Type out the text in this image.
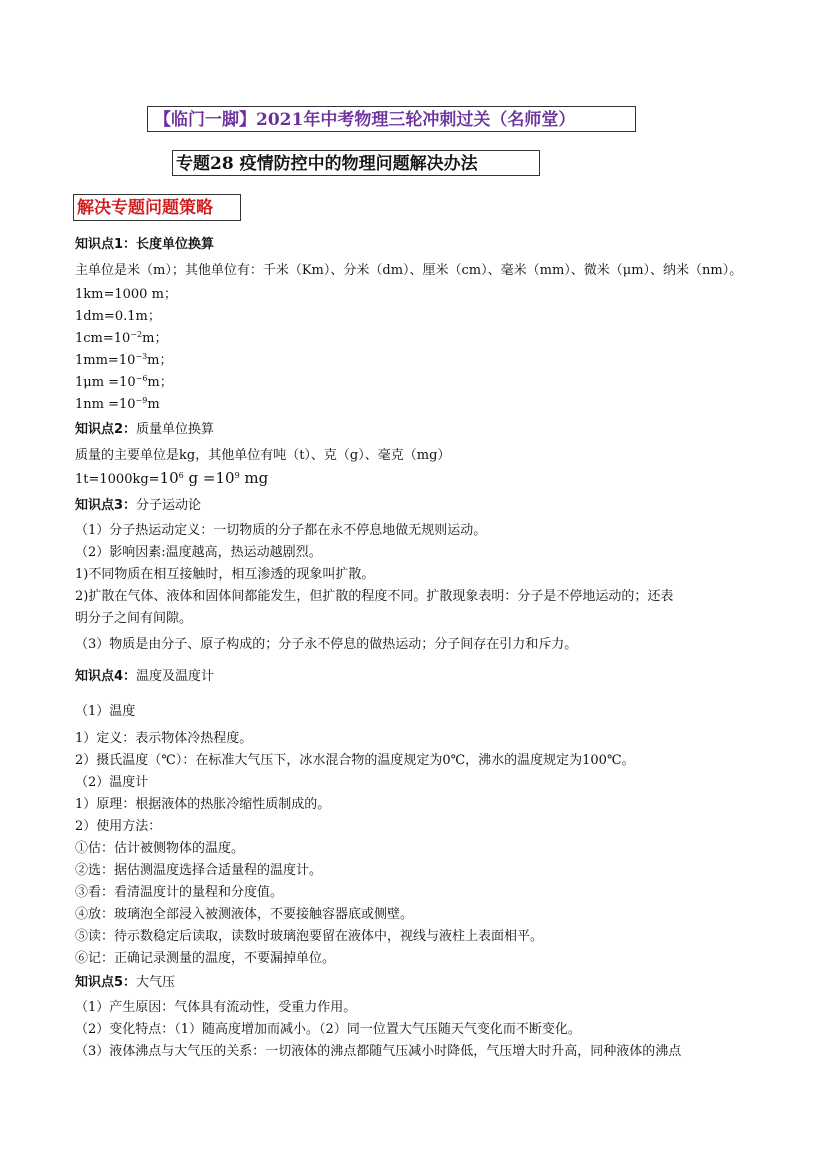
【临门一脚】2021年中考物理三轮冲刺过关（名师堂）
专题28 疫情防控中的物理问题解决办法
解决专题问题策略
知识点1：长度单位换算
主单位是米（m）；其他单位有：千米（Km）、分米（dm）、厘米（cm）、毫米（mm）、微米（μm）、纳米（nm）。
1km=1000 m；
1dm=0.1m；
$1cm=10^{-2}m$；
$1mm=10^{-3}m$；
$1\mu m =10^{-6}m$；
$1nm =10^{-9}m$
知识点2：质量单位换算
质量的主要单位是kg，其他单位有吨（t）、克（g）、毫克（mg）
$1t=1000kg=10^6$ $g =10^9$ mg
知识点3：分子运动论
（1）分子热运动定义：一切物质的分子都在永不停息地做无规则运动。
（2）影响因素:温度越高，热运动越剧烈。
1)不同物质在相互接触时，相互渗透的现象叫扩散。
2)扩散在气体、液体和固体间都能发生，但扩散的程度不同。扩散现象表明：分子是不停地运动的；还表
明分子之间有间隙。
（3）物质是由分子、原子构成的；分子永不停息的做热运动；分子间存在引力和斥力。
知识点4：温度及温度计
（1）温度
1）定义：表示物体冷热程度。
2）摄氏温度（℃）：在标准大气压下，冰水混合物的温度规定为0℃，沸水的温度规定为100℃。
（2）温度计
1）原理：根据液体的热胀冷缩性质制成的。
2）使用方法：
①估：估计被侧物体的温度。
②选：据估测温度选择合适量程的温度计。
③看：看清温度计的量程和分度值。
④放：玻璃泡全部浸入被测液体，不要接触容器底或侧壁。
⑤读：待示数稳定后读取，读数时玻璃泡要留在液体中，视线与液柱上表面相平。
⑥记：正确记录测量的温度，不要漏掉单位。
知识点5：大气压
（1）产生原因：气体具有流动性，受重力作用。
（2）变化特点：（1）随高度增加而减小。（2）同一位置大气压随天气变化而不断变化。
（3）液体沸点与大气压的关系：一切液体的沸点都随气压减小时降低，气压增大时升高，同种液体的沸点
